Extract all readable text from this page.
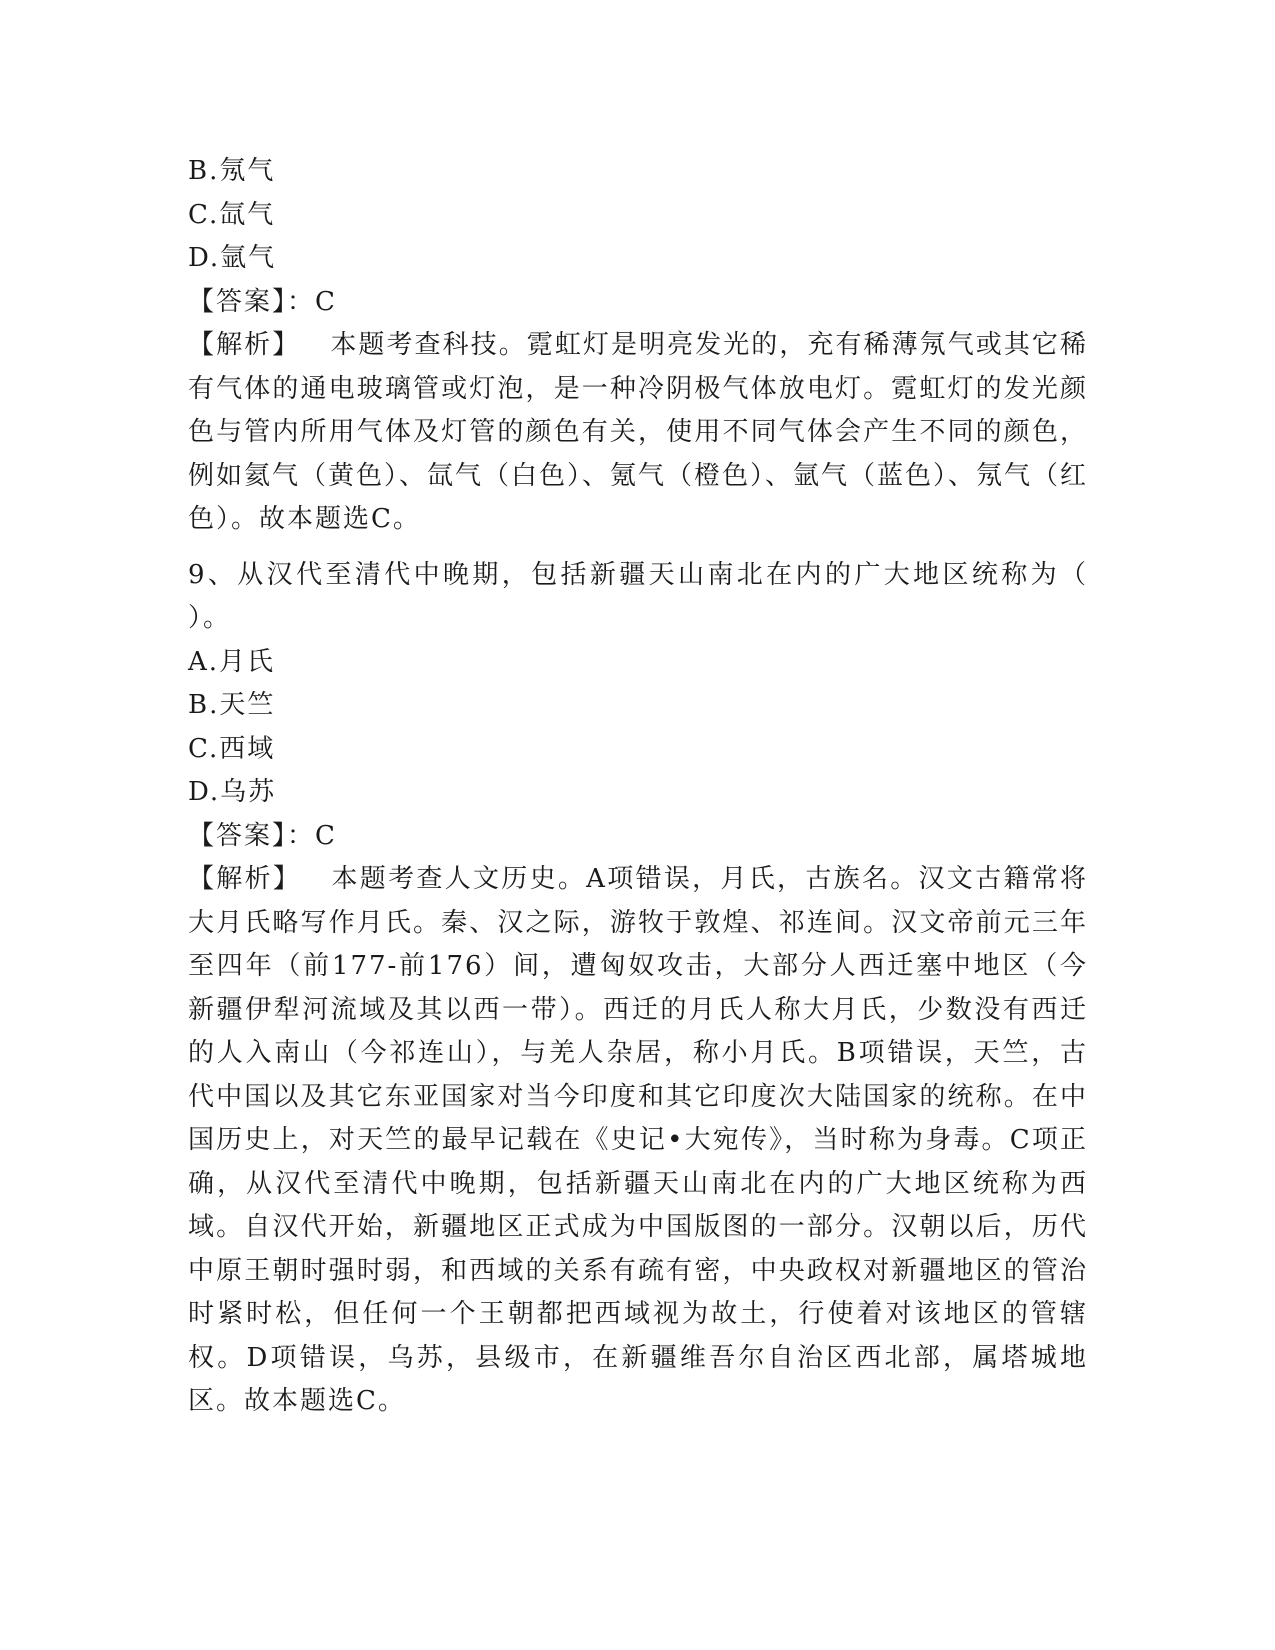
B.氖气
C.氙气
D.氩气
【答案】：C
【解析】 本题考查科技。霓虹灯是明亮发光的，充有稀薄氖气或其它稀有气体的通电玻璃管或灯泡，是一种冷阴极气体放电灯。霓虹灯的发光颜色与管内所用气体及灯管的颜色有关，使用不同气体会产生不同的颜色，例如氦气（黄色）、氙气（白色）、氪气（橙色）、氩气（蓝色）、氖气（红色）。故本题选C。
9、从汉代至清代中晚期，包括新疆天山南北在内的广大地区统称为（ ）。
A.月氏
B.天竺
C.西域
D.乌苏
【答案】：C
【解析】 本题考查人文历史。A项错误，月氏，古族名。汉文古籍常将大月氏略写作月氏。秦、汉之际，游牧于敦煌、祁连间。汉文帝前元三年至四年（前177-前176）间，遭匈奴攻击，大部分人西迁塞中地区（今新疆伊犁河流域及其以西一带）。西迁的月氏人称大月氏，少数没有西迁的人入南山（今祁连山），与羌人杂居，称小月氏。B项错误，天竺，古代中国以及其它东亚国家对当今印度和其它印度次大陆国家的统称。在中国历史上，对天竺的最早记载在《史记•大宛传》，当时称为身毒。C项正确，从汉代至清代中晚期，包括新疆天山南北在内的广大地区统称为西域。自汉代开始，新疆地区正式成为中国版图的一部分。汉朝以后，历代中原王朝时强时弱，和西域的关系有疏有密，中央政权对新疆地区的管治时紧时松，但任何一个王朝都把西域视为故土，行使着对该地区的管辖权。D项错误，乌苏，县级市，在新疆维吾尔自治区西北部，属塔城地区。故本题选C。
